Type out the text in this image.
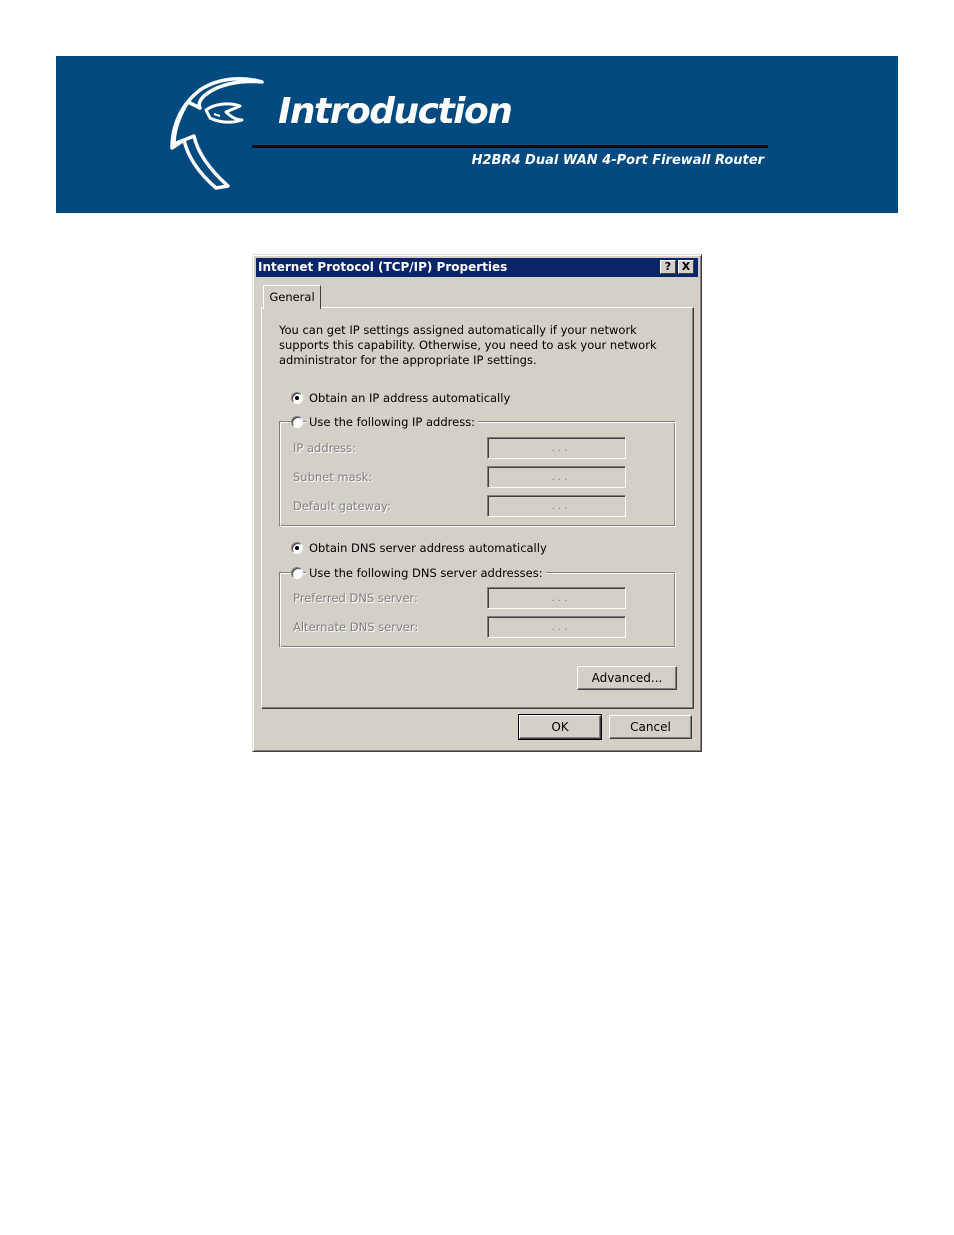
Introduction
H2BR4 Dual WAN 4-Port Firewall Router
Internet Protocol (TCP/IP) Properties	? X
General
You can get IP settings assigned automatically if your network supports this capability. Otherwise, you need to ask your network administrator for the appropriate IP settings.
Obtain an IP address automatically
Use the following IP address:
IP address:	. . .
Subnet mask:	. . .
Default gateway:	. . .
Obtain DNS server address automatically
Use the following DNS server addresses:
Preferred DNS server:	. . .
Alternate DNS server:	. . .
Advanced...
OK	Cancel
